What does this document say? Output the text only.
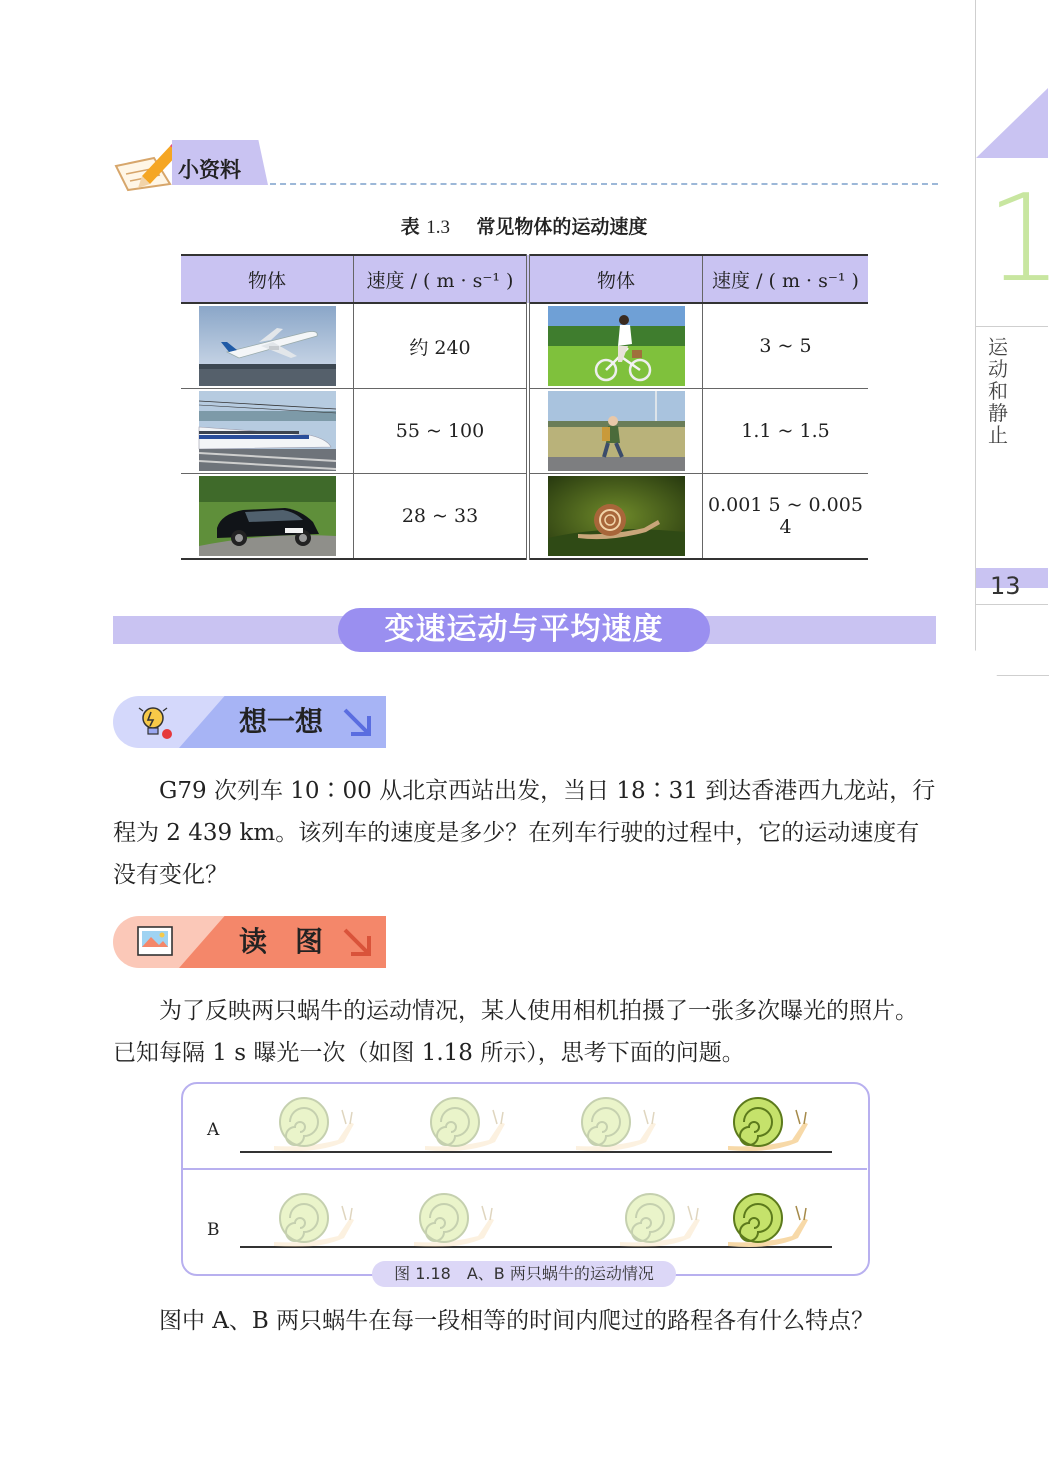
1
运动和静止
13
小资料
表 1.3 常见物体的运动速度
物体	速度 / ( m · s⁻¹ )	物体	速度 / ( m · s⁻¹ )

	约 240		3 ~ 5

	55 ~ 100		1.1 ~ 1.5

	28 ~ 33		0.001 5 ~ 0.005 4
变速运动与平均速度
想一想
G79 次列车 10∶00 从北京西站出发，当日 18∶31 到达香港西九龙站，行程为 2 439 km。该列车的速度是多少？在列车行驶的过程中，它的运动速度有没有变化？
读　图
为了反映两只蜗牛的运动情况，某人使用相机拍摄了一张多次曝光的照片。已知每隔 1 s 曝光一次（如图 1.18 所示），思考下面的问题。
A
B
图 1.18　A、B 两只蜗牛的运动情况
图中 A、B 两只蜗牛在每一段相等的时间内爬过的路程各有什么特点？
